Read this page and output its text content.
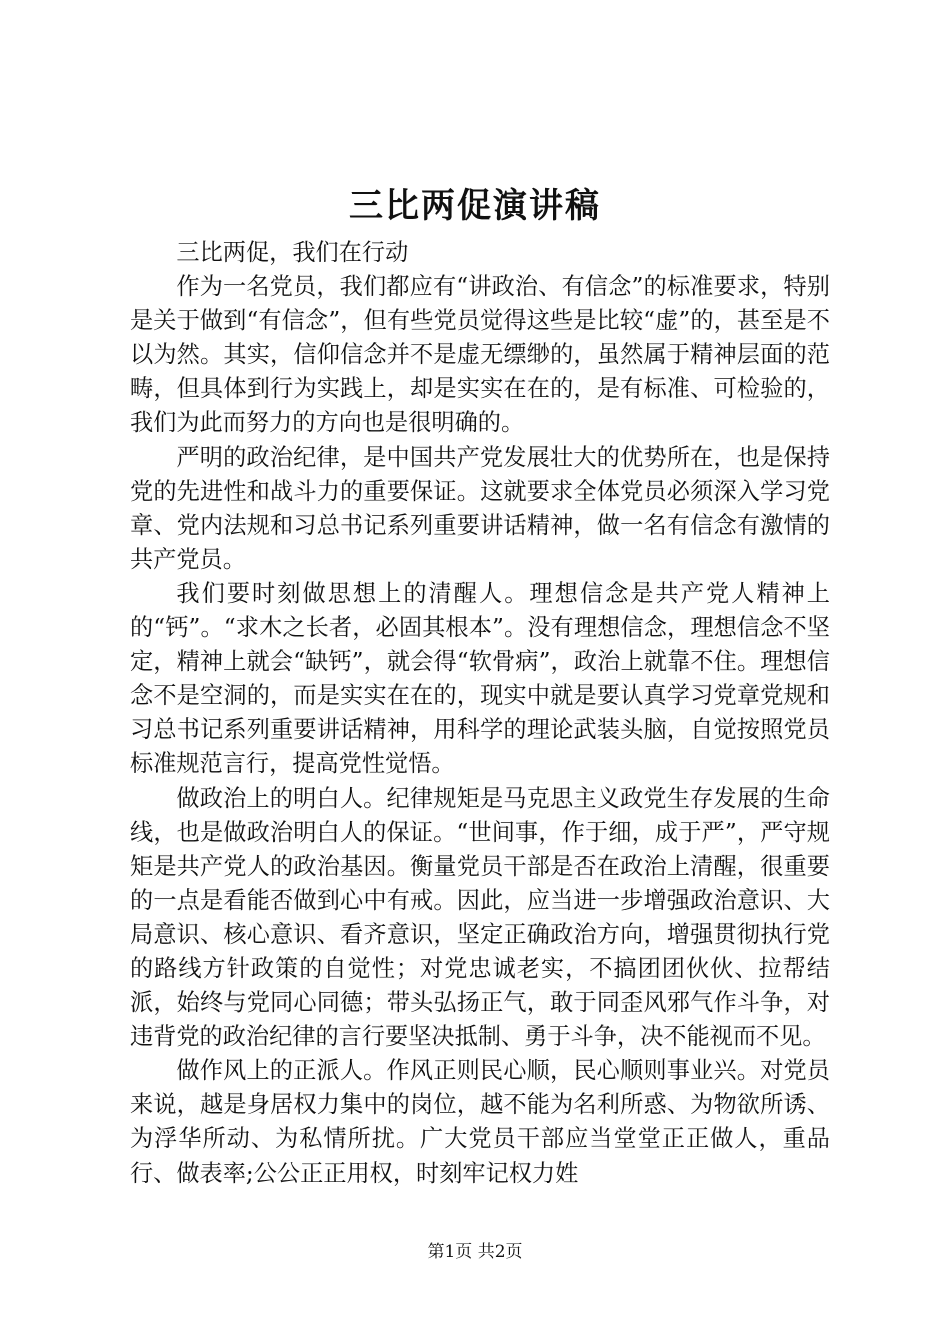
三比两促演讲稿

三比两促，我们在行动

作为一名党员，我们都应有“讲政治、有信念”的标准要求，特别是关于做到“有信念”，但有些党员觉得这些是比较“虚”的，甚至是不以为然。其实，信仰信念并不是虚无缥缈的，虽然属于精神层面的范畴，但具体到行为实践上，却是实实在在的，是有标准、可检验的，我们为此而努力的方向也是很明确的。

严明的政治纪律，是中国共产党发展壮大的优势所在，也是保持党的先进性和战斗力的重要保证。这就要求全体党员必须深入学习党章、党内法规和习总书记系列重要讲话精神，做一名有信念有激情的共产党员。

我们要时刻做思想上的清醒人。理想信念是共产党人精神上的“钙”。“求木之长者，必固其根本”。没有理想信念，理想信念不坚定，精神上就会“缺钙”，就会得“软骨病”，政治上就靠不住。理想信念不是空洞的，而是实实在在的，现实中就是要认真学习党章党规和习总书记系列重要讲话精神，用科学的理论武装头脑，自觉按照党员标准规范言行，提高党性觉悟。

做政治上的明白人。纪律规矩是马克思主义政党生存发展的生命线，也是做政治明白人的保证。“世间事，作于细，成于严”，严守规矩是共产党人的政治基因。衡量党员干部是否在政治上清醒，很重要的一点是看能否做到心中有戒。因此，应当进一步增强政治意识、大局意识、核心意识、看齐意识，坚定正确政治方向，增强贯彻执行党的路线方针政策的自觉性；对党忠诚老实，不搞团团伙伙、拉帮结派，始终与党同心同德；带头弘扬正气，敢于同歪风邪气作斗争，对违背党的政治纪律的言行要坚决抵制、勇于斗争，决不能视而不见。

做作风上的正派人。作风正则民心顺，民心顺则事业兴。对党员来说，越是身居权力集中的岗位，越不能为名利所惑、为物欲所诱、为浮华所动、为私情所扰。广大党员干部应当堂堂正正做人，重品行、做表率;公公正正用权，时刻牢记权力姓

第1页 共2页
